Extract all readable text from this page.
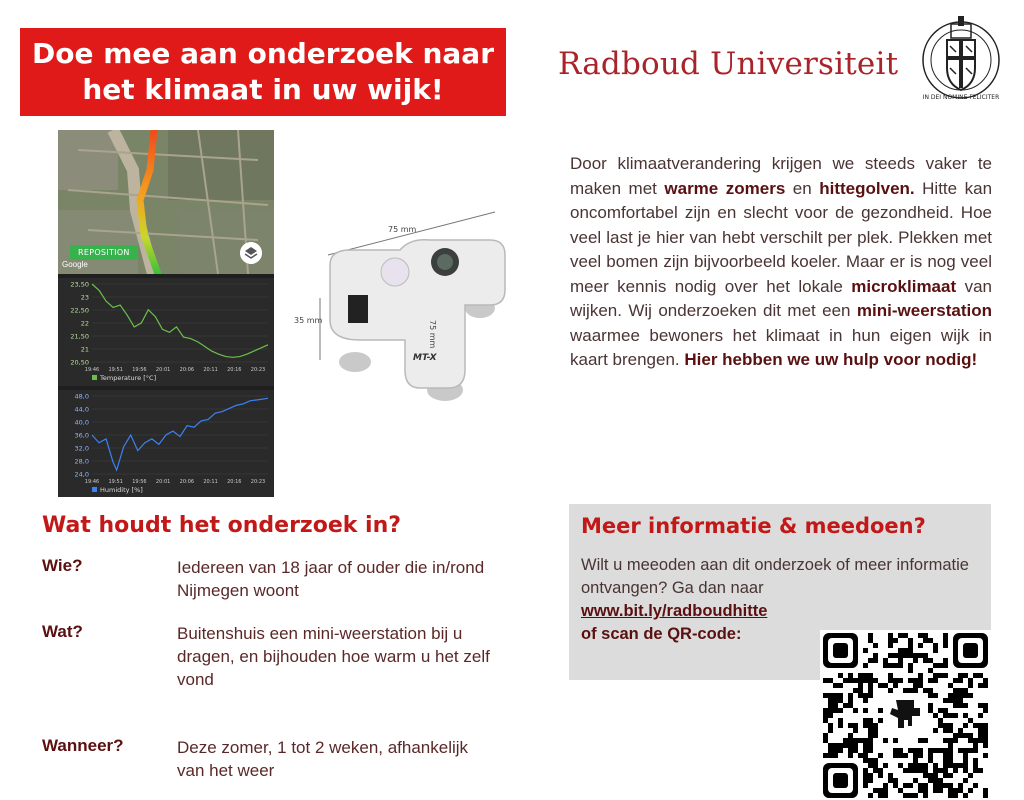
Doe mee aan onderzoek naar
het klimaat in uw wijk!
Radboud Universiteit
IN DEI NOMINE FELICITER
REPOSITION
Google
23,50
23
22,50
22
21,50
21
20,50
19:46 19:51 19:56 20:01 20:06 20:11 20:16 20:23
Temperature [°C]
48,0
44,0
40,0
36,0
32,0
28,0
24,0
19:46 19:51 19:56 20:01 20:06 20:11 20:16 20:23
Humidity [%]
75 mm
35 mm
MT-X
75 mm
Door klimaatverandering krijgen we steeds vaker te maken met warme zomers en hittegolven. Hitte kan oncomfortabel zijn en slecht voor de gezondheid. Hoe veel last je hier van hebt verschilt per plek. Plekken met veel bomen zijn bijvoorbeeld koeler. Maar er is nog veel meer kennis nodig over het lokale microklimaat van wijken. Wij onderzoeken dit met een mini-weerstation waarmee bewoners het klimaat in hun eigen wijk in kaart brengen. Hier hebben we uw hulp voor nodig!
Meer informatie & meedoen?
Wilt u meeoden aan dit onderzoek of meer informatie ontvangen? Ga dan naar
www.bit.ly/radboudhitte
of scan de QR-code:
Wat houdt het onderzoek in?
Wie?	Iedereen van 18 jaar of ouder die in/rond Nijmegen woont
Wat?	Buitenshuis een mini-weerstation bij u dragen, en bijhouden hoe warm u het zelf vond
Wanneer?	Deze zomer, 1 tot 2 weken, afhankelijk van het weer
